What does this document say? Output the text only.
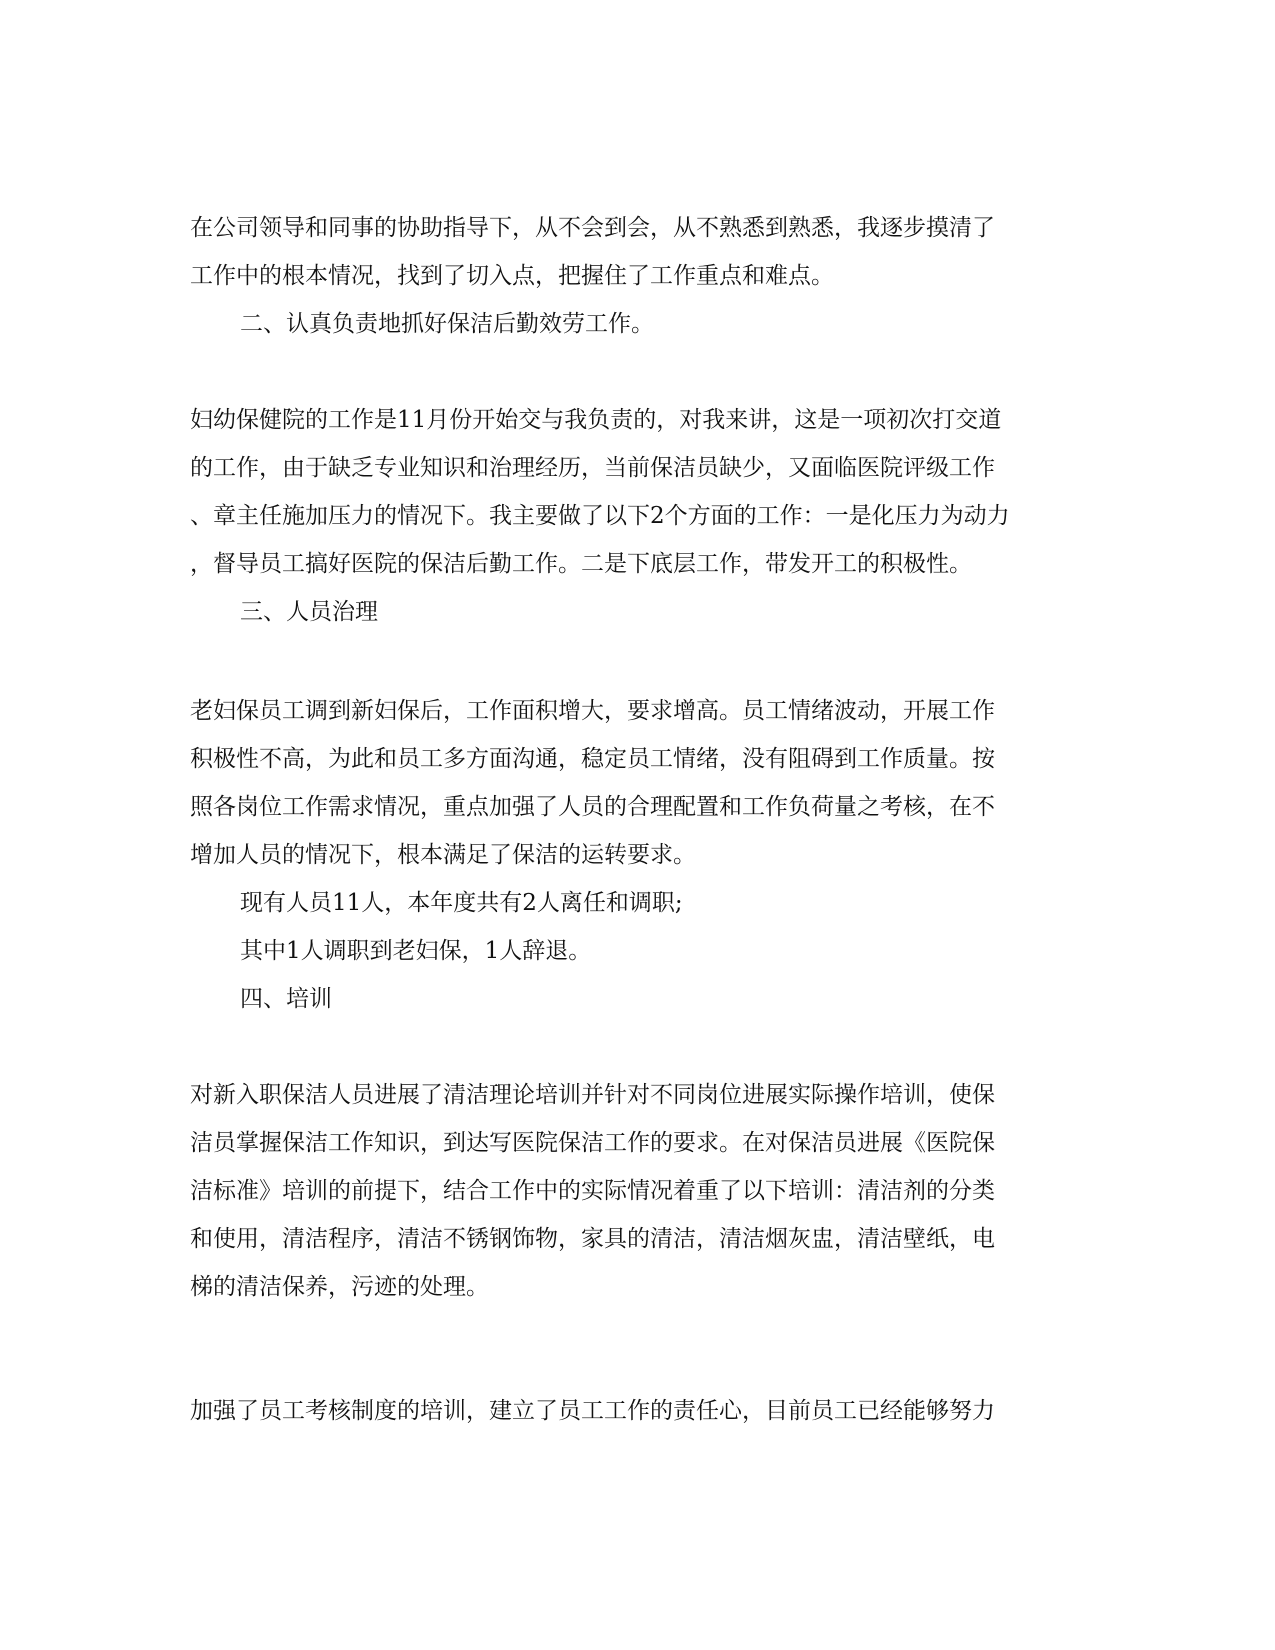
在公司领导和同事的协助指导下，从不会到会，从不熟悉到熟悉，我逐步摸清了
工作中的根本情况，找到了切入点，把握住了工作重点和难点。
二、认真负责地抓好保洁后勤效劳工作。
妇幼保健院的工作是11月份开始交与我负责的，对我来讲，这是一项初次打交道
的工作，由于缺乏专业知识和治理经历，当前保洁员缺少，又面临医院评级工作
、章主任施加压力的情况下。我主要做了以下2个方面的工作：一是化压力为动力
，督导员工搞好医院的保洁后勤工作。二是下底层工作，带发开工的积极性。
三、人员治理
老妇保员工调到新妇保后，工作面积增大，要求增高。员工情绪波动，开展工作
积极性不高，为此和员工多方面沟通，稳定员工情绪，没有阻碍到工作质量。按
照各岗位工作需求情况，重点加强了人员的合理配置和工作负荷量之考核，在不
增加人员的情况下，根本满足了保洁的运转要求。
现有人员11人，本年度共有2人离任和调职;
其中1人调职到老妇保，1人辞退。
四、培训
对新入职保洁人员进展了清洁理论培训并针对不同岗位进展实际操作培训，使保
洁员掌握保洁工作知识，到达写医院保洁工作的要求。在对保洁员进展《医院保
洁标准》培训的前提下，结合工作中的实际情况着重了以下培训：清洁剂的分类
和使用，清洁程序，清洁不锈钢饰物，家具的清洁，清洁烟灰盅，清洁壁纸，电
梯的清洁保养，污迹的处理。
加强了员工考核制度的培训，建立了员工工作的责任心，目前员工已经能够努力
